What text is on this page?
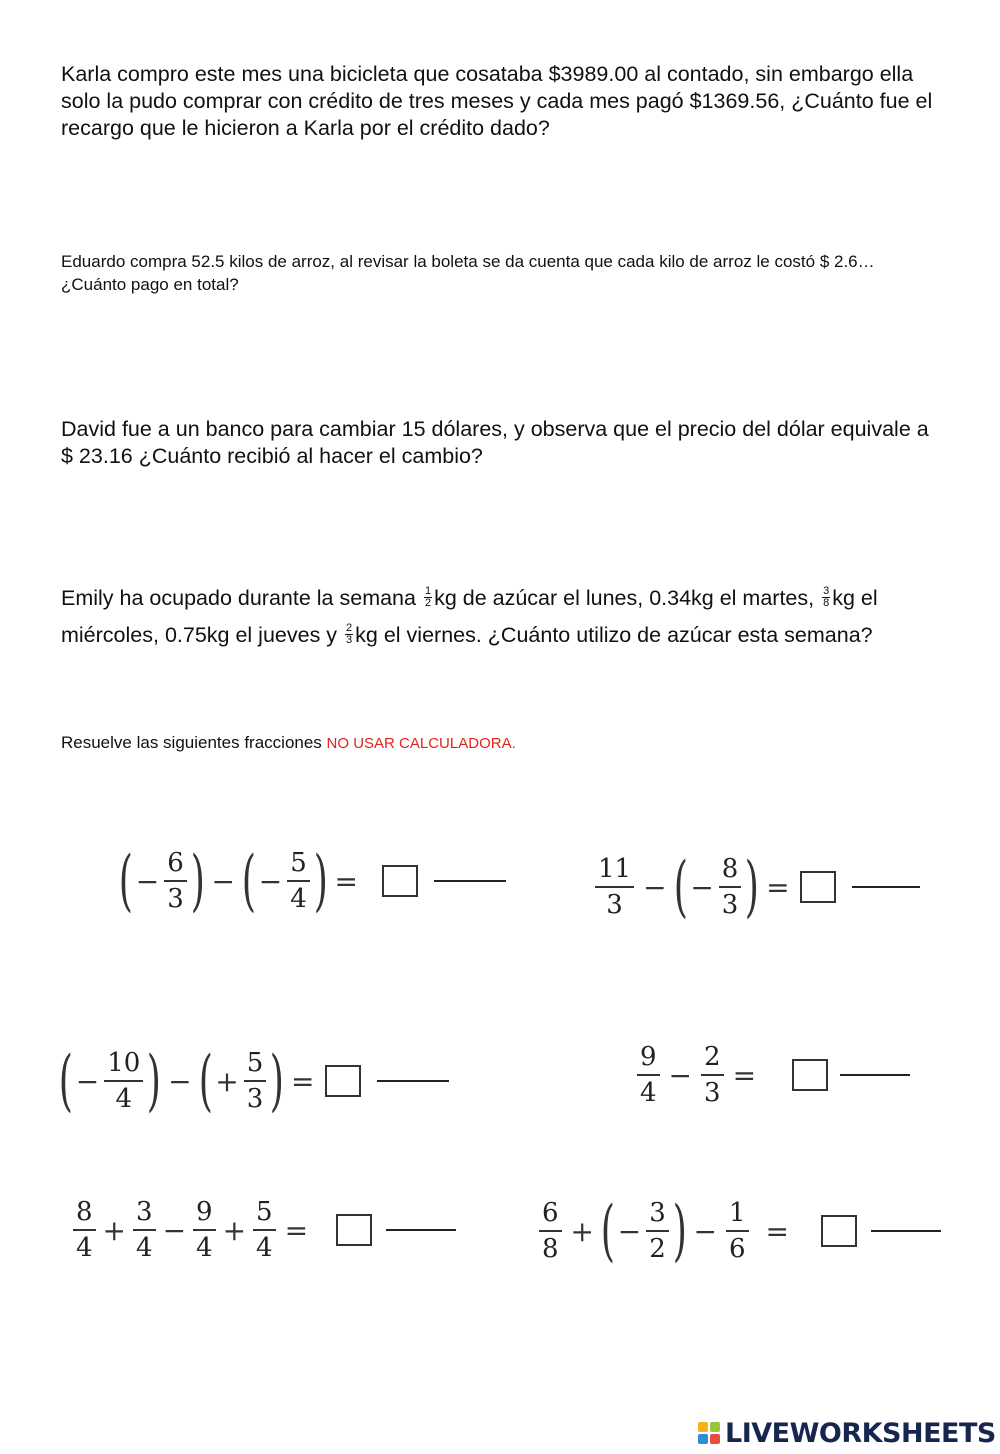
Karla compro este mes una bicicleta que cosataba $3989.00 al contado, sin embargo ella solo la pudo comprar con crédito de tres meses y cada mes pagó $1369.56, ¿Cuánto fue el recargo que le hicieron a Karla por el crédito dado?
Eduardo compra 52.5 kilos de arroz, al revisar la boleta se da cuenta que cada kilo de arroz le costó $ 2.6… ¿Cuánto pago en total?
David fue a un banco para cambiar 15 dólares, y observa que el precio del dólar equivale a $ 23.16 ¿Cuánto recibió al hacer el cambio?
Emily ha ocupado durante la semana $\frac{1}{2}$ kg de azúcar el lunes, 0.34kg el martes, $\frac{3}{8}$ kg el miércoles, 0.75kg el jueves y $\frac{2}{3}$ kg el viernes. ¿Cuánto utilizo de azúcar esta semana?
Resuelve las siguientes fracciones NO USAR CALCULADORA.
( − $\frac{6}{3}$ ) − ( − $\frac{5}{4}$ ) =	$\frac{11}{3}$ − ( − $\frac{8}{3}$ ) =
( − $\frac{10}{4}$ ) − ( + $\frac{5}{3}$ ) =	$\frac{9}{4} - \frac{2}{3}$ =
$\frac{8}{4} + \frac{3}{4} - \frac{9}{4} + \frac{5}{4}$ =	$\frac{6}{8}$ + ( − $\frac{3}{2}$ ) − $\frac{1}{6}$ =
LIVEWORKSHEETS
